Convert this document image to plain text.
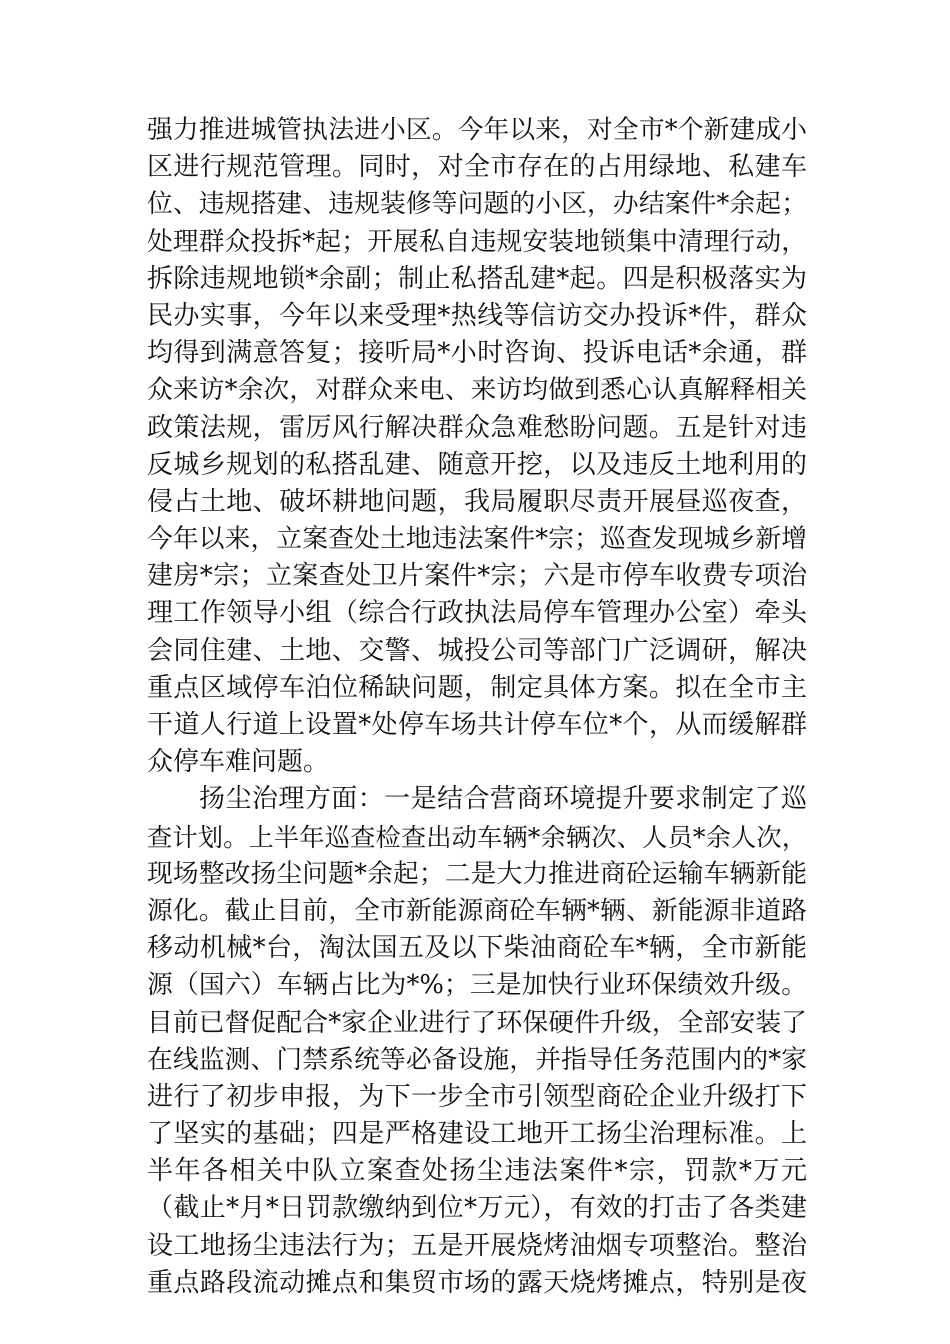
强力推进城管执法进小区。今年以来，对全市*个新建成小
区进行规范管理。同时，对全市存在的占用绿地、私建车
位、违规搭建、违规装修等问题的小区，办结案件*余起；
处理群众投拆*起；开展私自违规安装地锁集中清理行动，
拆除违规地锁*余副；制止私搭乱建*起。四是积极落实为
民办实事，今年以来受理*热线等信访交办投诉*件，群众
均得到满意答复；接听局*小时咨询、投诉电话*余通，群
众来访*余次，对群众来电、来访均做到悉心认真解释相关
政策法规，雷厉风行解决群众急难愁盼问题。五是针对违
反城乡规划的私搭乱建、随意开挖，以及违反土地利用的
侵占土地、破坏耕地问题，我局履职尽责开展昼巡夜查，
今年以来，立案查处土地违法案件*宗；巡查发现城乡新增
建房*宗；立案查处卫片案件*宗；六是市停车收费专项治
理工作领导小组（综合行政执法局停车管理办公室）牵头
会同住建、土地、交警、城投公司等部门广泛调研，解决
重点区域停车泊位稀缺问题，制定具体方案。拟在全市主
干道人行道上设置*处停车场共计停车位*个，从而缓解群
众停车难问题。
扬尘治理方面：一是结合营商环境提升要求制定了巡
查计划。上半年巡查检查出动车辆*余辆次、人员*余人次，
现场整改扬尘问题*余起；二是大力推进商砼运输车辆新能
源化。截止目前，全市新能源商砼车辆*辆、新能源非道路
移动机械*台，淘汰国五及以下柴油商砼车*辆，全市新能
源（国六）车辆占比为*%；三是加快行业环保绩效升级。
目前已督促配合*家企业进行了环保硬件升级，全部安装了
在线监测、门禁系统等必备设施，并指导任务范围内的*家
进行了初步申报，为下一步全市引领型商砼企业升级打下
了坚实的基础；四是严格建设工地开工扬尘治理标准。上
半年各相关中队立案查处扬尘违法案件*宗，罚款*万元
（截止*月*日罚款缴纳到位*万元），有效的打击了各类建
设工地扬尘违法行为；五是开展烧烤油烟专项整治。整治
重点路段流动摊点和集贸市场的露天烧烤摊点，特别是夜
